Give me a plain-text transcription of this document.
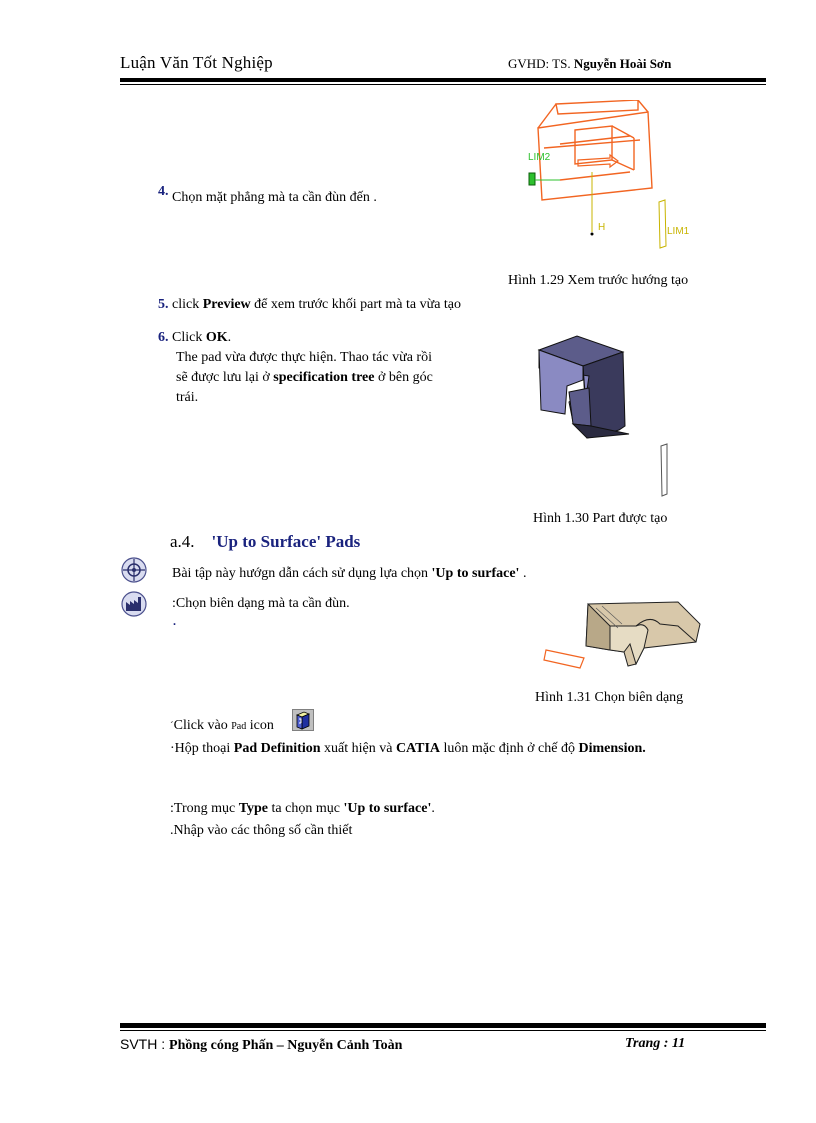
Luận Văn Tốt Nghiệp	GVHD: TS. Nguyễn Hoài Sơn
LIM2
H	LIM1
4. Chọn mặt phẳng mà ta cần đùn đến .
Hình 1.29 Xem trước hướng tạo
5. click Preview để xem trước khối part mà ta vừa tạo
6. Click OK.
The pad vừa được thực hiện. Thao tác vừa rồi
sẽ được lưu lại ở specification tree ở bên góc
trái.
Hình 1.30 Part được tạo
a.4. 'Up to Surface' Pads
Bài tập này hướgn dẫn cách sử dụng lựa chọn 'Up to surface' .
:Chọn biên dạng mà ta cần đùn.
.
Hình 1.31 Chọn biên dạng
´Click vào Pad icon
·Hộp thoại Pad Definition xuất hiện và CATIA luôn mặc định ở chế độ Dimension.
:Trong mục Type ta chọn mục 'Up to surface'.
.Nhập vào các thông số cần thiết
SVTH : Phồng cóng Phấn – Nguyễn Cảnh Toàn	Trang : 11
